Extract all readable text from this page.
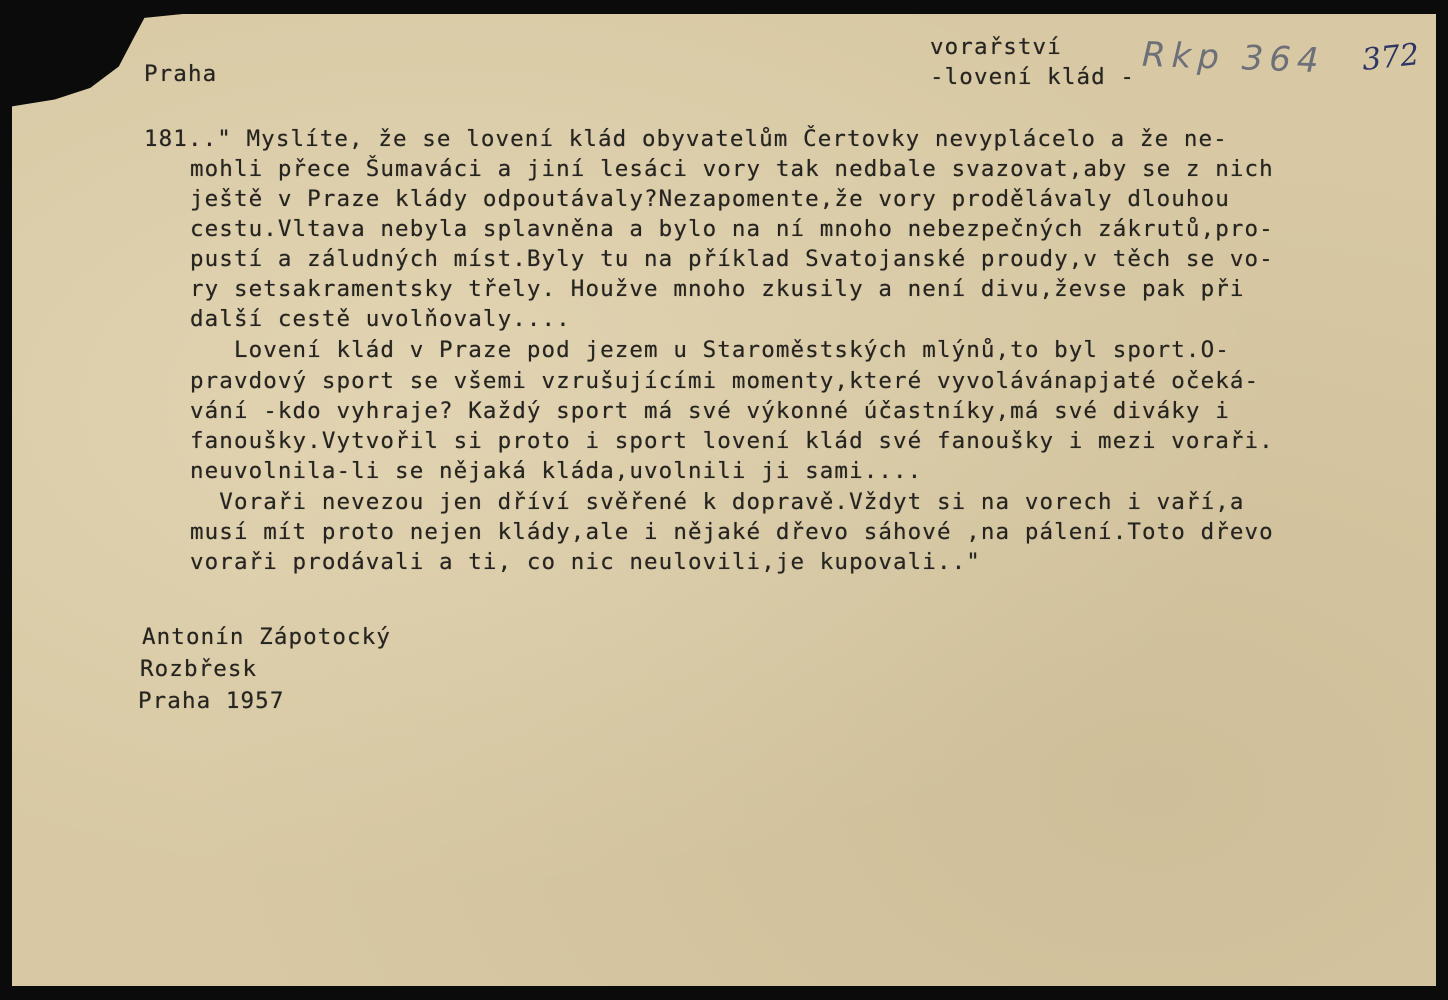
Praha
vorařství
-lovení klád - Rkp 364 372

181.." Myslíte, že se lovení klád obyvatelům Čertovky nevyplácelo a že ne-

mohli přece Šumaváci a jiní lesáci vory tak nedbale svazovat,aby se z nich

ještě v Praze klády odpoutávaly?Nezapomente,že vory prodělávaly dlouhou

cestu.Vltava nebyla splavněna a bylo na ní mnoho nebezpečných zákrutů,pro-

pustí a záludných míst.Byly tu na příklad Svatojanské proudy,v těch se vo-

ry setsakramentsky třely. Houžve mnoho zkusily a není divu,ževse pak při

další cestě uvolňovaly....

Lovení klád v Praze pod jezem u Staroměstských mlýnů,to byl sport.O-

pravdový sport se všemi vzrušujícími momenty,které vyvolávánapjaté očeká-

vání -kdo vyhraje? Každý sport má své výkonné účastníky,má své diváky i

fanoušky.Vytvořil si proto i sport lovení klád své fanoušky i mezi voraři.

neuvolnila-li se nějaká kláda,uvolnili ji sami....

Voraři nevezou jen dříví svěřené k dopravě.Vždyt si na vorech i vaří,a

musí mít proto nejen klády,ale i nějaké dřevo sáhové ,na pálení.Toto dřevo

voraři prodávali a ti, co nic neulovili,je kupovali.."

Antonín Zápotocký
Rozbřesk
Praha 1957
